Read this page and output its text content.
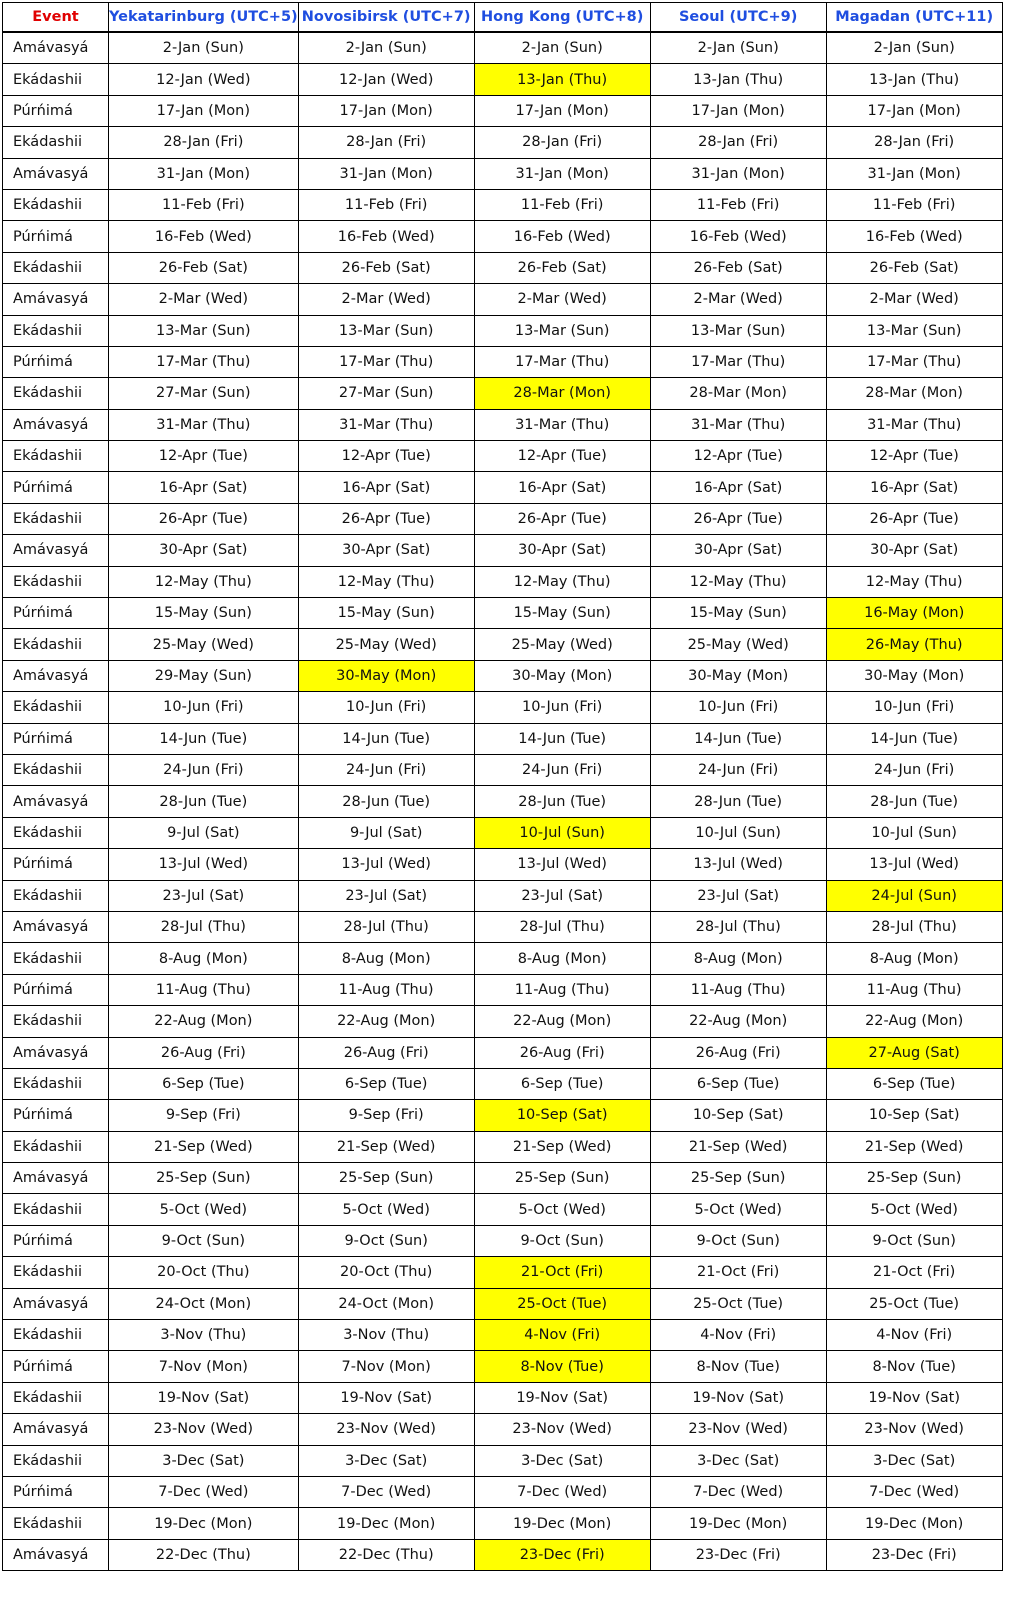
Event	Yekatarinburg (UTC+5)	Novosibirsk (UTC+7)	Hong Kong (UTC+8)	Seoul (UTC+9)	Magadan (UTC+11)
Amávasyá	2-Jan (Sun)	2-Jan (Sun)	2-Jan (Sun)	2-Jan (Sun)	2-Jan (Sun)
Ekádashii	12-Jan (Wed)	12-Jan (Wed)	13-Jan (Thu)	13-Jan (Thu)	13-Jan (Thu)
Púrńimá	17-Jan (Mon)	17-Jan (Mon)	17-Jan (Mon)	17-Jan (Mon)	17-Jan (Mon)
Ekádashii	28-Jan (Fri)	28-Jan (Fri)	28-Jan (Fri)	28-Jan (Fri)	28-Jan (Fri)
Amávasyá	31-Jan (Mon)	31-Jan (Mon)	31-Jan (Mon)	31-Jan (Mon)	31-Jan (Mon)
Ekádashii	11-Feb (Fri)	11-Feb (Fri)	11-Feb (Fri)	11-Feb (Fri)	11-Feb (Fri)
Púrńimá	16-Feb (Wed)	16-Feb (Wed)	16-Feb (Wed)	16-Feb (Wed)	16-Feb (Wed)
Ekádashii	26-Feb (Sat)	26-Feb (Sat)	26-Feb (Sat)	26-Feb (Sat)	26-Feb (Sat)
Amávasyá	2-Mar (Wed)	2-Mar (Wed)	2-Mar (Wed)	2-Mar (Wed)	2-Mar (Wed)
Ekádashii	13-Mar (Sun)	13-Mar (Sun)	13-Mar (Sun)	13-Mar (Sun)	13-Mar (Sun)
Púrńimá	17-Mar (Thu)	17-Mar (Thu)	17-Mar (Thu)	17-Mar (Thu)	17-Mar (Thu)
Ekádashii	27-Mar (Sun)	27-Mar (Sun)	28-Mar (Mon)	28-Mar (Mon)	28-Mar (Mon)
Amávasyá	31-Mar (Thu)	31-Mar (Thu)	31-Mar (Thu)	31-Mar (Thu)	31-Mar (Thu)
Ekádashii	12-Apr (Tue)	12-Apr (Tue)	12-Apr (Tue)	12-Apr (Tue)	12-Apr (Tue)
Púrńimá	16-Apr (Sat)	16-Apr (Sat)	16-Apr (Sat)	16-Apr (Sat)	16-Apr (Sat)
Ekádashii	26-Apr (Tue)	26-Apr (Tue)	26-Apr (Tue)	26-Apr (Tue)	26-Apr (Tue)
Amávasyá	30-Apr (Sat)	30-Apr (Sat)	30-Apr (Sat)	30-Apr (Sat)	30-Apr (Sat)
Ekádashii	12-May (Thu)	12-May (Thu)	12-May (Thu)	12-May (Thu)	12-May (Thu)
Púrńimá	15-May (Sun)	15-May (Sun)	15-May (Sun)	15-May (Sun)	16-May (Mon)
Ekádashii	25-May (Wed)	25-May (Wed)	25-May (Wed)	25-May (Wed)	26-May (Thu)
Amávasyá	29-May (Sun)	30-May (Mon)	30-May (Mon)	30-May (Mon)	30-May (Mon)
Ekádashii	10-Jun (Fri)	10-Jun (Fri)	10-Jun (Fri)	10-Jun (Fri)	10-Jun (Fri)
Púrńimá	14-Jun (Tue)	14-Jun (Tue)	14-Jun (Tue)	14-Jun (Tue)	14-Jun (Tue)
Ekádashii	24-Jun (Fri)	24-Jun (Fri)	24-Jun (Fri)	24-Jun (Fri)	24-Jun (Fri)
Amávasyá	28-Jun (Tue)	28-Jun (Tue)	28-Jun (Tue)	28-Jun (Tue)	28-Jun (Tue)
Ekádashii	9-Jul (Sat)	9-Jul (Sat)	10-Jul (Sun)	10-Jul (Sun)	10-Jul (Sun)
Púrńimá	13-Jul (Wed)	13-Jul (Wed)	13-Jul (Wed)	13-Jul (Wed)	13-Jul (Wed)
Ekádashii	23-Jul (Sat)	23-Jul (Sat)	23-Jul (Sat)	23-Jul (Sat)	24-Jul (Sun)
Amávasyá	28-Jul (Thu)	28-Jul (Thu)	28-Jul (Thu)	28-Jul (Thu)	28-Jul (Thu)
Ekádashii	8-Aug (Mon)	8-Aug (Mon)	8-Aug (Mon)	8-Aug (Mon)	8-Aug (Mon)
Púrńimá	11-Aug (Thu)	11-Aug (Thu)	11-Aug (Thu)	11-Aug (Thu)	11-Aug (Thu)
Ekádashii	22-Aug (Mon)	22-Aug (Mon)	22-Aug (Mon)	22-Aug (Mon)	22-Aug (Mon)
Amávasyá	26-Aug (Fri)	26-Aug (Fri)	26-Aug (Fri)	26-Aug (Fri)	27-Aug (Sat)
Ekádashii	6-Sep (Tue)	6-Sep (Tue)	6-Sep (Tue)	6-Sep (Tue)	6-Sep (Tue)
Púrńimá	9-Sep (Fri)	9-Sep (Fri)	10-Sep (Sat)	10-Sep (Sat)	10-Sep (Sat)
Ekádashii	21-Sep (Wed)	21-Sep (Wed)	21-Sep (Wed)	21-Sep (Wed)	21-Sep (Wed)
Amávasyá	25-Sep (Sun)	25-Sep (Sun)	25-Sep (Sun)	25-Sep (Sun)	25-Sep (Sun)
Ekádashii	5-Oct (Wed)	5-Oct (Wed)	5-Oct (Wed)	5-Oct (Wed)	5-Oct (Wed)
Púrńimá	9-Oct (Sun)	9-Oct (Sun)	9-Oct (Sun)	9-Oct (Sun)	9-Oct (Sun)
Ekádashii	20-Oct (Thu)	20-Oct (Thu)	21-Oct (Fri)	21-Oct (Fri)	21-Oct (Fri)
Amávasyá	24-Oct (Mon)	24-Oct (Mon)	25-Oct (Tue)	25-Oct (Tue)	25-Oct (Tue)
Ekádashii	3-Nov (Thu)	3-Nov (Thu)	4-Nov (Fri)	4-Nov (Fri)	4-Nov (Fri)
Púrńimá	7-Nov (Mon)	7-Nov (Mon)	8-Nov (Tue)	8-Nov (Tue)	8-Nov (Tue)
Ekádashii	19-Nov (Sat)	19-Nov (Sat)	19-Nov (Sat)	19-Nov (Sat)	19-Nov (Sat)
Amávasyá	23-Nov (Wed)	23-Nov (Wed)	23-Nov (Wed)	23-Nov (Wed)	23-Nov (Wed)
Ekádashii	3-Dec (Sat)	3-Dec (Sat)	3-Dec (Sat)	3-Dec (Sat)	3-Dec (Sat)
Púrńimá	7-Dec (Wed)	7-Dec (Wed)	7-Dec (Wed)	7-Dec (Wed)	7-Dec (Wed)
Ekádashii	19-Dec (Mon)	19-Dec (Mon)	19-Dec (Mon)	19-Dec (Mon)	19-Dec (Mon)
Amávasyá	22-Dec (Thu)	22-Dec (Thu)	23-Dec (Fri)	23-Dec (Fri)	23-Dec (Fri)
